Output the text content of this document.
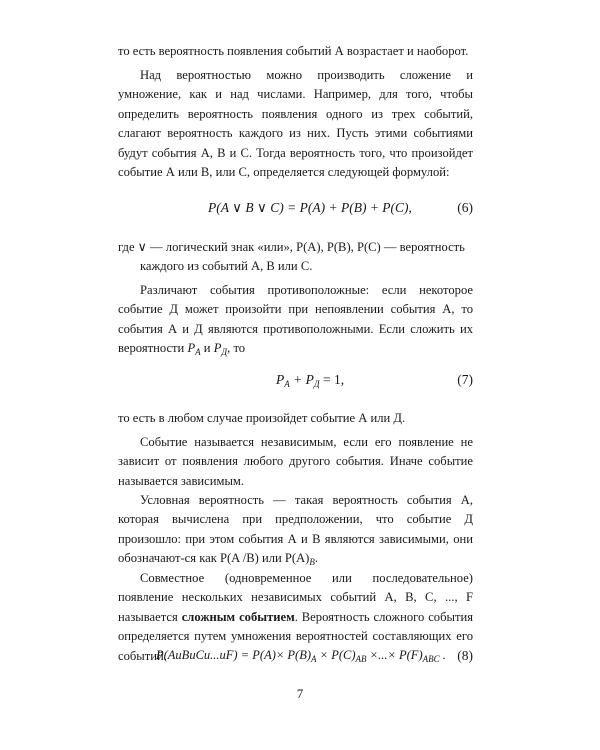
то есть вероятность появления событий А возрастает и наоборот.

Над вероятностью можно производить сложение и умножение, как и над числами. Например, для того, чтобы определить вероятность появления одного из трех событий, слагают вероятность каждого из них. Пусть этими событиями будут события А, В и С. Тогда вероятность того, что произойдет событие А или В, или С, определяется следующей формулой:

P(A ∨ B ∨ C) = P(A) + P(B) + P(C),	(6)

где ∨ — логический знак «или», P(A), P(B), P(C) — вероятность

каждого из событий А, В или С.

Различают события противоположные: если некоторое событие Д может произойти при непоявлении события А, то события А и Д являются противоположными. Если сложить их вероятности $P_A$ и $P_Д$, то
$P_A + P_Д = 1$,	(7)

то есть в любом случае произойдет событие А или Д.

Событие называется независимым, если его появление не зависит от появления любого другого события. Иначе событие называется зависимым.

Условная вероятность — такая вероятность события А, которая вычислена при предположении, что событие Д произошло: при этом события А и В являются зависимыми, они обозначают-ся как P(A /B) или $P(A)_B$.
Совместное (одновременное или последовательное) появление нескольких независимых событий A, B, C, ..., F называется сложным событием. Вероятность сложного события определяется путем умножения вероятностей составляющих его событий.
P(AuBuCu...uF) = $P(A)\times P(B)_A \times P(C)_{AB}$ ×...× $P(F)_{ABC}$ . (8)
7
